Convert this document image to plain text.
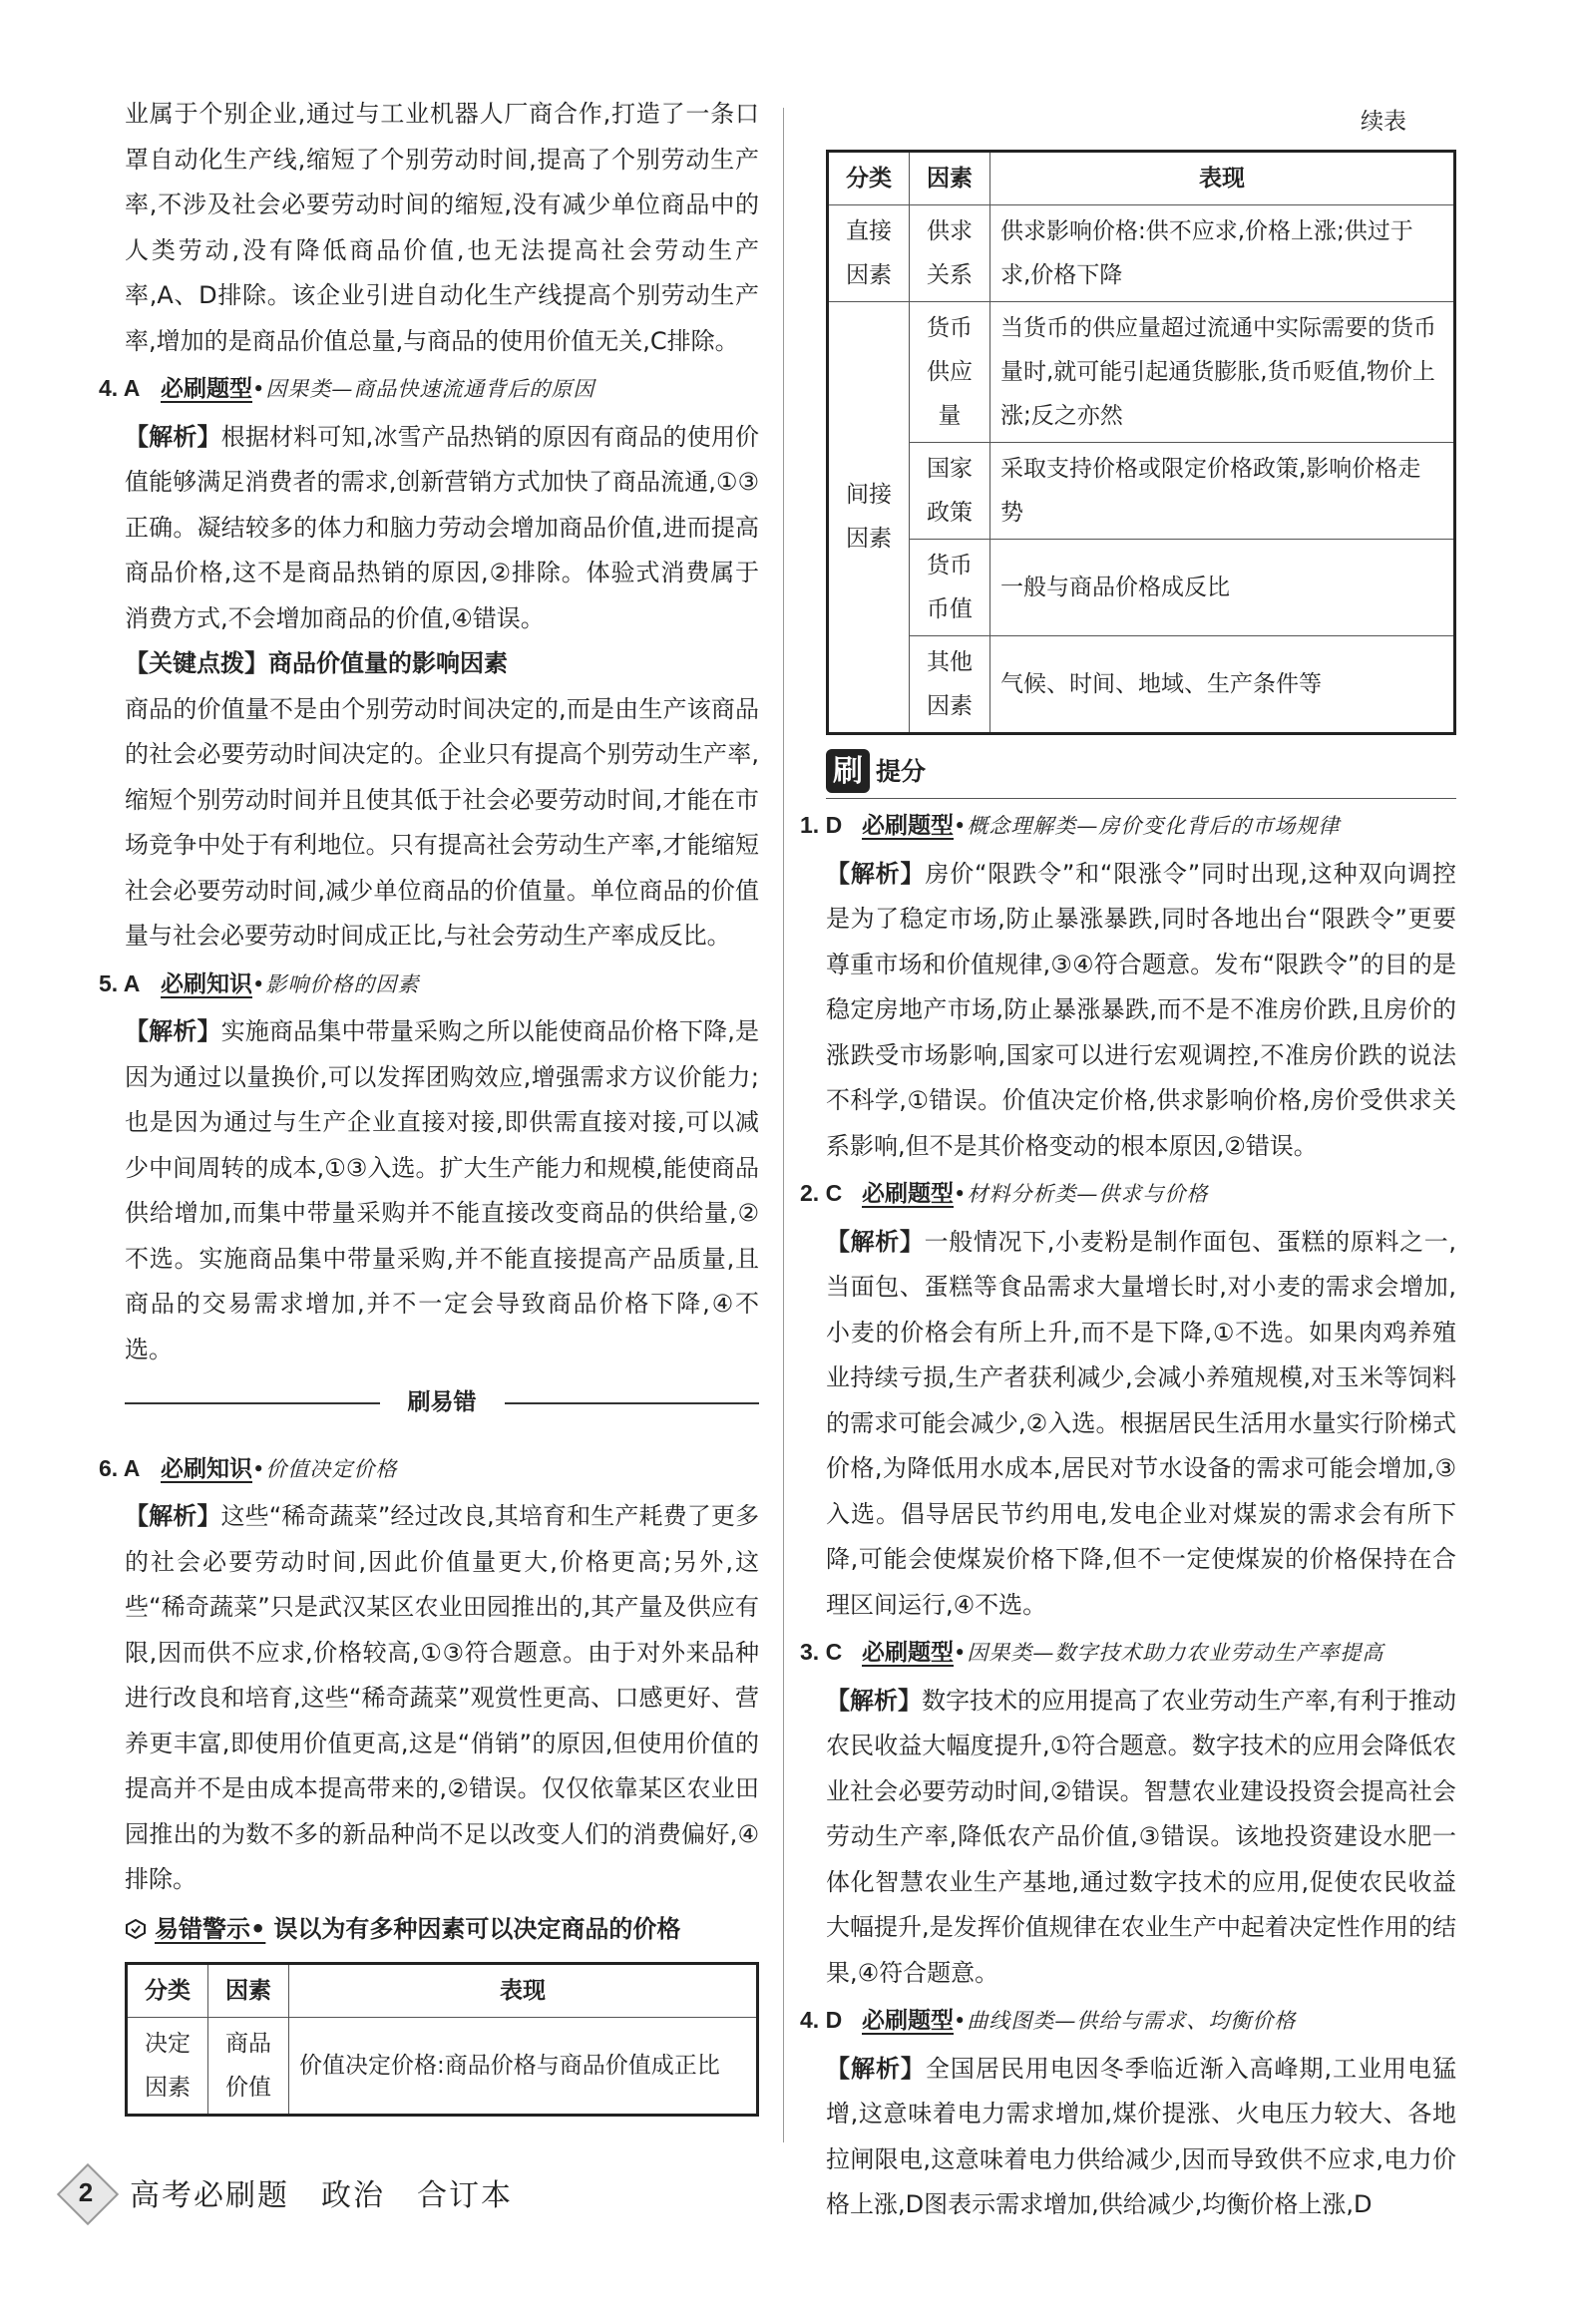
业属于个别企业,通过与工业机器人厂商合作,打造了一条口罩自动化生产线,缩短了个别劳动时间,提高了个别劳动生产率,不涉及社会必要劳动时间的缩短,没有减少单位商品中的人类劳动,没有降低商品价值,也无法提高社会劳动生产率,A、D排除。该企业引进自动化生产线提高个别劳动生产率,增加的是商品价值总量,与商品的使用价值无关,C排除。

4. A 必刷题型•因果类—商品快速流通背后的原因

【解析】根据材料可知,冰雪产品热销的原因有商品的使用价值能够满足消费者的需求,创新营销方式加快了商品流通,①③正确。凝结较多的体力和脑力劳动会增加商品价值,进而提高商品价格,这不是商品热销的原因,②排除。体验式消费属于消费方式,不会增加商品的价值,④错误。

【关键点拨】商品价值量的影响因素

商品的价值量不是由个别劳动时间决定的,而是由生产该商品的社会必要劳动时间决定的。企业只有提高个别劳动生产率,缩短个别劳动时间并且使其低于社会必要劳动时间,才能在市场竞争中处于有利地位。只有提高社会劳动生产率,才能缩短社会必要劳动时间,减少单位商品的价值量。单位商品的价值量与社会必要劳动时间成正比,与社会劳动生产率成反比。

5. A 必刷知识•影响价格的因素

【解析】实施商品集中带量采购之所以能使商品价格下降,是因为通过以量换价,可以发挥团购效应,增强需求方议价能力;也是因为通过与生产企业直接对接,即供需直接对接,可以减少中间周转的成本,①③入选。扩大生产能力和规模,能使商品供给增加,而集中带量采购并不能直接改变商品的供给量,②不选。实施商品集中带量采购,并不能直接提高产品质量,且商品的交易需求增加,并不一定会导致商品价格下降,④不选。

刷易错
6. A 必刷知识•价值决定价格

【解析】这些“稀奇蔬菜”经过改良,其培育和生产耗费了更多的社会必要劳动时间,因此价值量更大,价格更高;另外,这些“稀奇蔬菜”只是武汉某区农业田园推出的,其产量及供应有限,因而供不应求,价格较高,①③符合题意。由于对外来品种进行改良和培育,这些“稀奇蔬菜”观赏性更高、口感更好、营养更丰富,即使用价值更高,这是“俏销”的原因,但使用价值的提高并不是由成本提高带来的,②错误。仅仅依靠某区农业田园推出的为数不多的新品种尚不足以改变人们的消费偏好,④排除。

易错警示• 误以为有多种因素可以决定商品的价格
分类	因素	表现
决定因素	商品价值	价值决定价格:商品价格与商品价值成正比
续表
分类	因素	表现
直接因素	供求关系	供求影响价格:供不应求,价格上涨;供过于求,价格下降
间接因素	货币供应量	当货币的供应量超过流通中实际需要的货币量时,就可能引起通货膨胀,货币贬值,物价上涨;反之亦然
	国家政策	采取支持价格或限定价格政策,影响价格走势
	货币币值	一般与商品价格成反比
	其他因素	气候、时间、地域、生产条件等
刷 提分
1. D 必刷题型•概念理解类—房价变化背后的市场规律

【解析】房价“限跌令”和“限涨令”同时出现,这种双向调控是为了稳定市场,防止暴涨暴跌,同时各地出台“限跌令”更要尊重市场和价值规律,③④符合题意。发布“限跌令”的目的是稳定房地产市场,防止暴涨暴跌,而不是不准房价跌,且房价的涨跌受市场影响,国家可以进行宏观调控,不准房价跌的说法不科学,①错误。价值决定价格,供求影响价格,房价受供求关系影响,但不是其价格变动的根本原因,②错误。

2. C 必刷题型•材料分析类—供求与价格

【解析】一般情况下,小麦粉是制作面包、蛋糕的原料之一,当面包、蛋糕等食品需求大量增长时,对小麦的需求会增加,小麦的价格会有所上升,而不是下降,①不选。如果肉鸡养殖业持续亏损,生产者获利减少,会减小养殖规模,对玉米等饲料的需求可能会减少,②入选。根据居民生活用水量实行阶梯式价格,为降低用水成本,居民对节水设备的需求可能会增加,③入选。倡导居民节约用电,发电企业对煤炭的需求会有所下降,可能会使煤炭价格下降,但不一定使煤炭的价格保持在合理区间运行,④不选。

3. C 必刷题型•因果类—数字技术助力农业劳动生产率提高

【解析】数字技术的应用提高了农业劳动生产率,有利于推动农民收益大幅度提升,①符合题意。数字技术的应用会降低农业社会必要劳动时间,②错误。智慧农业建设投资会提高社会劳动生产率,降低农产品价值,③错误。该地投资建设水肥一体化智慧农业生产基地,通过数字技术的应用,促使农民收益大幅提升,是发挥价值规律在农业生产中起着决定性作用的结果,④符合题意。

4. D 必刷题型•曲线图类—供给与需求、均衡价格

【解析】全国居民用电因冬季临近渐入高峰期,工业用电猛增,这意味着电力需求增加,煤价提涨、火电压力较大、各地拉闸限电,这意味着电力供给减少,因而导致供不应求,电力价格上涨,D图表示需求增加,供给减少,均衡价格上涨,D

2	高考必刷题　政治　合订本
